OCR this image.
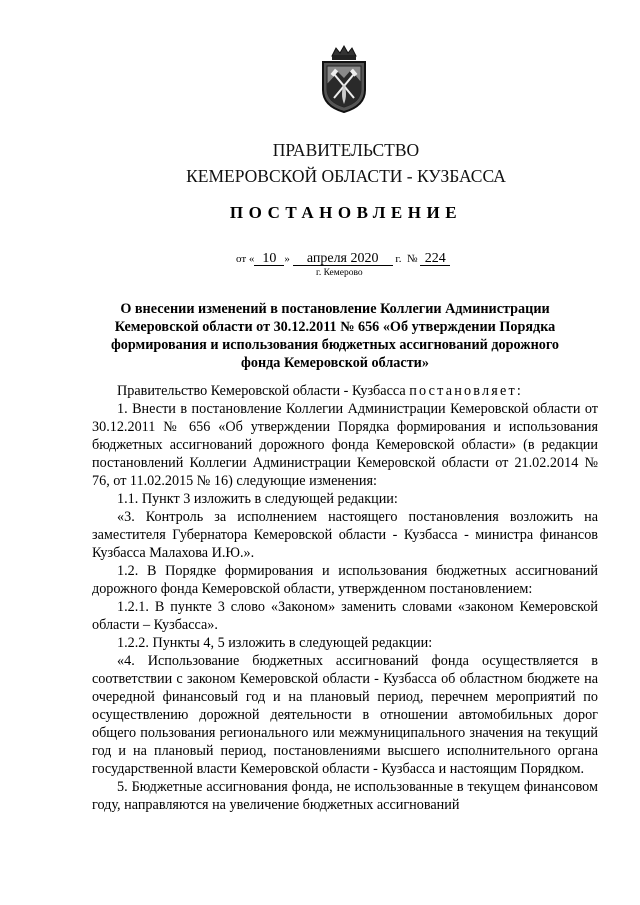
ПРАВИТЕЛЬСТВО
КЕМЕРОВСКОЙ ОБЛАСТИ - КУЗБАССА
ПОСТАНОВЛЕНИЕ
от « 10 » апреля 2020 г. № 224
г. Кемерово
О внесении изменений в постановление Коллегии Администрации Кемеровской области от 30.12.2011 № 656 «Об утверждении Порядка формирования и использования бюджетных ассигнований дорожного фонда Кемеровской области»

Правительство Кемеровской области - Кузбасса постановляет:

1. Внести в постановление Коллегии Администрации Кемеровской области от 30.12.2011 № 656 «Об утверждении Порядка формирования и использования бюджетных ассигнований дорожного фонда Кемеровской области» (в редакции постановлений Коллегии Администрации Кемеровской области от 21.02.2014 № 76, от 11.02.2015 № 16) следующие изменения:

1.1. Пункт 3 изложить в следующей редакции:

«3. Контроль за исполнением настоящего постановления возложить на заместителя Губернатора Кемеровской области - Кузбасса - министра финансов Кузбасса Малахова И.Ю.».

1.2. В Порядке формирования и использования бюджетных ассигнований дорожного фонда Кемеровской области, утвержденном постановлением:

1.2.1. В пункте 3 слово «Законом» заменить словами «законом Кемеровской области – Кузбасса».

1.2.2. Пункты 4, 5 изложить в следующей редакции:

«4. Использование бюджетных ассигнований фонда осуществляется в соответствии с законом Кемеровской области - Кузбасса об областном бюджете на очередной финансовый год и на плановый период, перечнем мероприятий по осуществлению дорожной деятельности в отношении автомобильных дорог общего пользования регионального или межмуниципального значения на текущий год и на плановый период, постановлениями высшего исполнительного органа государственной власти Кемеровской области - Кузбасса и настоящим Порядком.

5. Бюджетные ассигнования фонда, не использованные в текущем финансовом году, направляются на увеличение бюджетных ассигнований
